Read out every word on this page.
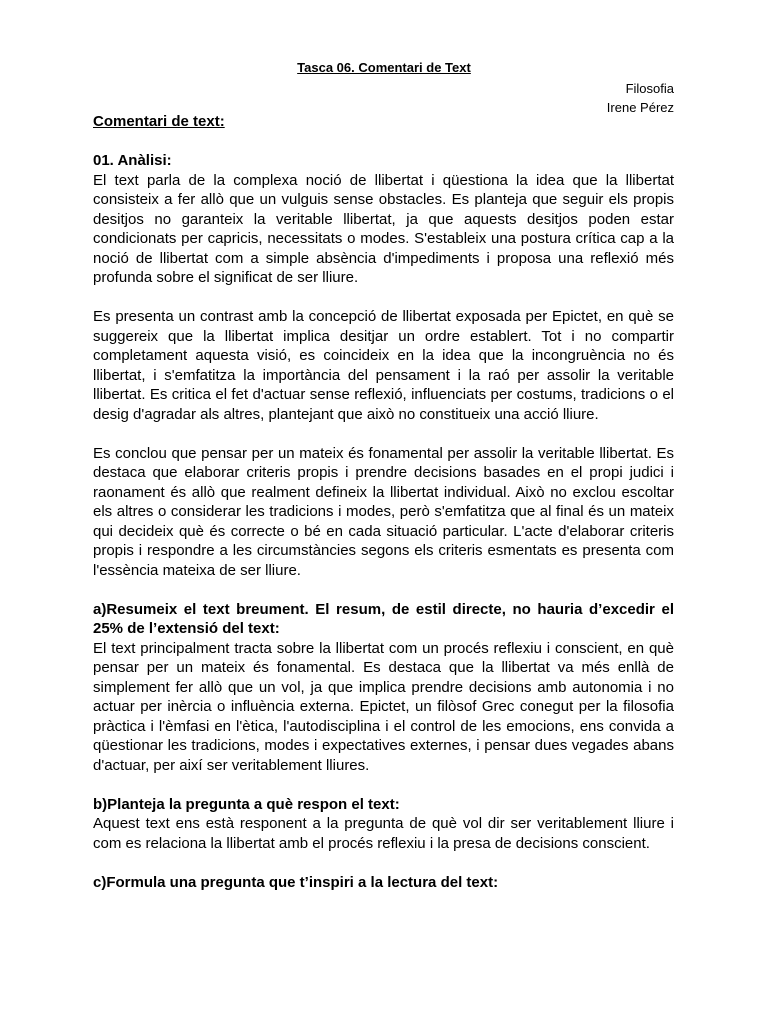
Tasca 06. Comentari de Text
Filosofia
Irene Pérez
Comentari de text:

01. Anàlisi:

El text parla de la complexa noció de llibertat i qüestiona la idea que la llibertat consisteix a fer allò que un vulguis sense obstacles. Es planteja que seguir els propis desitjos no garanteix la veritable llibertat, ja que aquests desitjos poden estar condicionats per capricis, necessitats o modes. S'estableix una postura crítica cap a la noció de llibertat com a simple absència d'impediments i proposa una reflexió més profunda sobre el significat de ser lliure.

Es presenta un contrast amb la concepció de llibertat exposada per Epictet, en què se suggereix que la llibertat implica desitjar un ordre establert. Tot i no compartir completament aquesta visió, es coincideix en la idea que la incongruència no és llibertat, i s'emfatitza la importància del pensament i la raó per assolir la veritable llibertat. Es critica el fet d'actuar sense reflexió, influenciats per costums, tradicions o el desig d'agradar als altres, plantejant que això no constitueix una acció lliure.

Es conclou que pensar per un mateix és fonamental per assolir la veritable llibertat. Es destaca que elaborar criteris propis i prendre decisions basades en el propi judici i raonament és allò que realment defineix la llibertat individual. Això no exclou escoltar els altres o considerar les tradicions i modes, però s'emfatitza que al final és un mateix qui decideix què és correcte o bé en cada situació particular. L'acte d'elaborar criteris propis i respondre a les circumstàncies segons els criteris esmentats es presenta com l'essència mateixa de ser lliure.

a)Resumeix el text breument. El resum, de estil directe, no hauria d’excedir el 25% de l’extensió del text:

El text principalment tracta sobre la llibertat com un procés reflexiu i conscient, en què pensar per un mateix és fonamental. Es destaca que la llibertat va més enllà de simplement fer allò que un vol, ja que implica prendre decisions amb autonomia i no actuar per inèrcia o influència externa. Epictet, un filòsof Grec conegut per la filosofia pràctica i l'èmfasi en l'ètica, l'autodisciplina i el control de les emocions, ens convida a qüestionar les tradicions, modes i expectatives externes, i pensar dues vegades abans d'actuar, per així ser veritablement lliures.

b)Planteja la pregunta a què respon el text:

Aquest text ens està responent a la pregunta de què vol dir ser veritablement lliure i com es relaciona la llibertat amb el procés reflexiu i la presa de decisions conscient.

c)Formula una pregunta que t’inspiri a la lectura del text:
